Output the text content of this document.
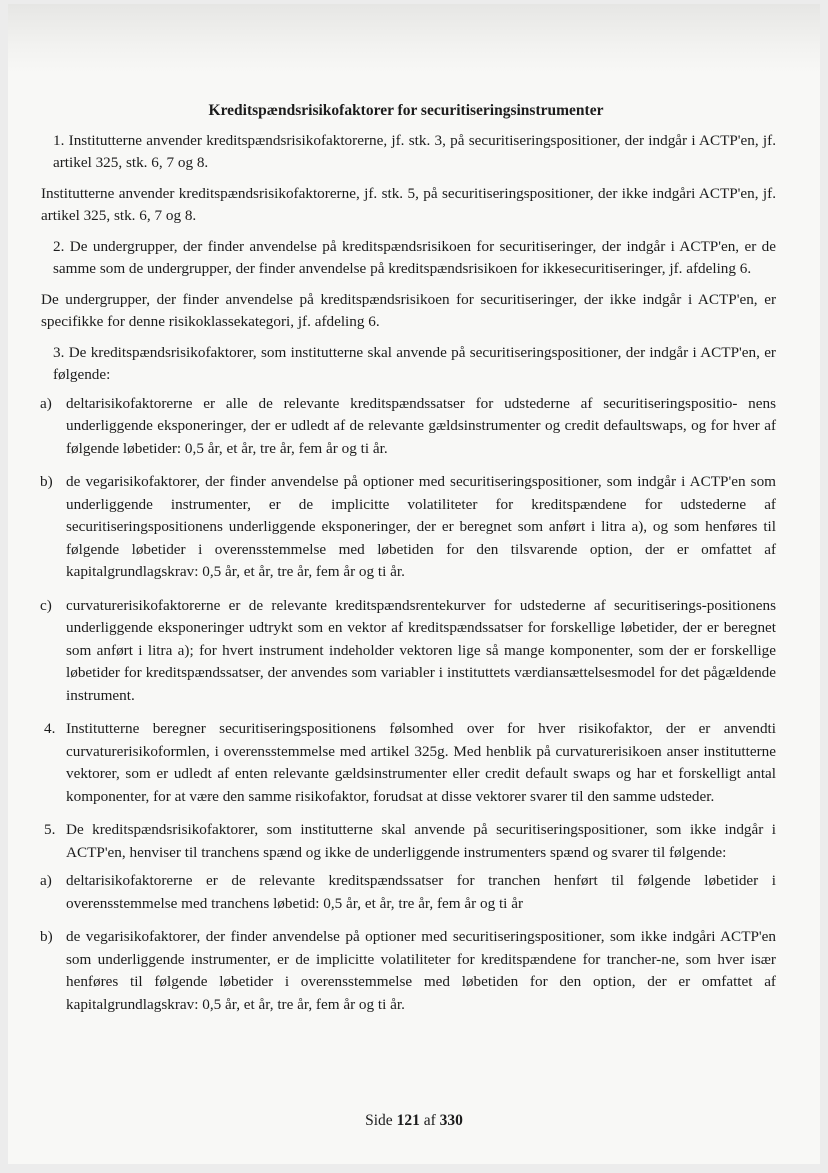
Kreditspændsrisikofaktorer for securitiseringsinstrumenter

1. Institutterne anvender kreditspændsrisikofaktorerne, jf. stk. 3, på securitiseringspositioner, der indgår i ACTP'en, jf. artikel 325, stk. 6, 7 og 8.

Institutterne anvender kreditspændsrisikofaktorerne, jf. stk. 5, på securitiseringspositioner, der ikke indgåri ACTP'en, jf. artikel 325, stk. 6, 7 og 8.

2. De undergrupper, der finder anvendelse på kreditspændsrisikoen for securitiseringer, der indgår i ACTP'en, er de samme som de undergrupper, der finder anvendelse på kreditspændsrisikoen for ikkesecuritiseringer, jf. afdeling 6.

De undergrupper, der finder anvendelse på kreditspændsrisikoen for securitiseringer, der ikke indgår i ACTP'en, er specifikke for denne risikoklassekategori, jf. afdeling 6.

3. De kreditspændsrisikofaktorer, som institutterne skal anvende på securitiseringspositioner, der indgår i ACTP'en, er følgende:

a) deltarisikofaktorerne er alle de relevante kreditspændssatser for udstederne af securitiseringspositio- nens underliggende eksponeringer, der er udledt af de relevante gældsinstrumenter og credit defaultswaps, og for hver af følgende løbetider: 0,5 år, et år, tre år, fem år og ti år.
b) de vegarisikofaktorer, der finder anvendelse på optioner med securitiseringspositioner, som indgår i ACTP'en som underliggende instrumenter, er de implicitte volatiliteter for kreditspændene for udstederne af securitiseringspositionens underliggende eksponeringer, der er beregnet som anført i litra a), og som henføres til følgende løbetider i overensstemmelse med løbetiden for den tilsvarende option, der er omfattet af kapitalgrundlagskrav: 0,5 år, et år, tre år, fem år og ti år.
c) curvaturerisikofaktorerne er de relevante kreditspændsrentekurver for udstederne af securitiserings-positionens underliggende eksponeringer udtrykt som en vektor af kreditspændssatser for forskellige løbetider, der er beregnet som anført i litra a); for hvert instrument indeholder vektoren lige så mange komponenter, som der er forskellige løbetider for kreditspændssatser, der anvendes som variabler i instituttets værdiansættelsesmodel for det pågældende instrument.
4. Institutterne beregner securitiseringspositionens følsomhed over for hver risikofaktor, der er anvendti curvaturerisikoformlen, i overensstemmelse med artikel 325g. Med henblik på curvaturerisikoen anser institutterne vektorer, som er udledt af enten relevante gældsinstrumenter eller credit default swaps og har et forskelligt antal komponenter, for at være den samme risikofaktor, forudsat at disse vektorer svarer til den samme udsteder.
5. De kreditspændsrisikofaktorer, som institutterne skal anvende på securitiseringspositioner, som ikke indgår i ACTP'en, henviser til tranchens spænd og ikke de underliggende instrumenters spænd og svarer til følgende:
a) deltarisikofaktorerne er de relevante kreditspændssatser for tranchen henført til følgende løbetider i overensstemmelse med tranchens løbetid: 0,5 år, et år, tre år, fem år og ti år
b) de vegarisikofaktorer, der finder anvendelse på optioner med securitiseringspositioner, som ikke indgåri ACTP'en som underliggende instrumenter, er de implicitte volatiliteter for kreditspændene for trancher-ne, som hver især henføres til følgende løbetider i overensstemmelse med løbetiden for den option, der er omfattet af kapitalgrundlagskrav: 0,5 år, et år, tre år, fem år og ti år.
Side 121 af 330
